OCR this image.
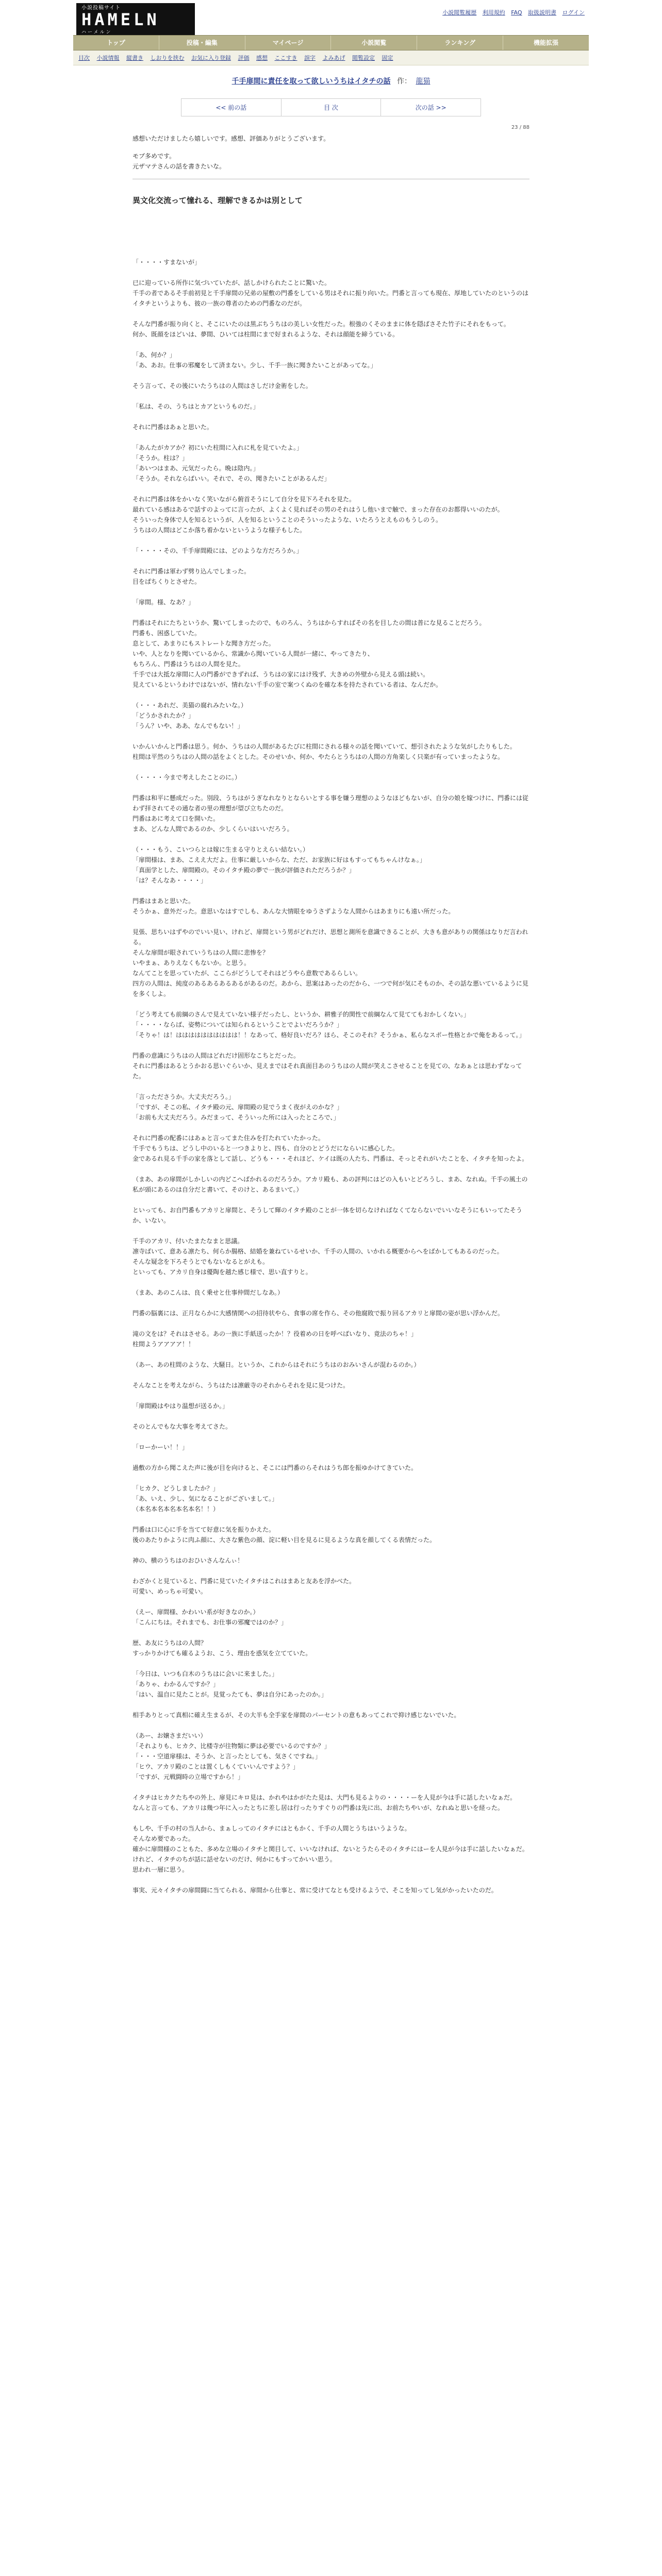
小説投稿サイト
HAMELN
ハーメルン
小説閲覧履歴 利用規約 FAQ 取扱説明書 ログイン
トップ	投稿・編集	マイページ	小説閲覧	ランキング	機能拡張
目次 小説情報 縦書き しおりを挟む お気に入り登録 評価 感想 ここすき 誤字 よみあげ 閲覧設定 固定
千手扉間に責任を取って欲しいうちはイタチの話 作： 龍猫
<< 前の話	目 次	次の話 >>
23 / 88

感想いただけましたら嬉しいです。感想、評価ありがとうございます。

モブ多めです。
元ザマテさんの話を書きたいな。

異文化交流って憧れる、理解できるかは別として

「・・・・すまないが」

已に迎っている所作に気づいていたが、話しかけられたことに驚いた。
千手の者であるそ手前初見と千手扉間の兄弟の屋敷の門番をしている男はそれに振り向いた。門番と言っても現在、厚地していたのというのはイタチというよりも、彼の一族の尊者のための門番なのだが。

そんな門番が振り向くと、そこにいたのは黒ぶちうちはの美しい女性だった。根強のくそのままに体を隠ばさそた竹子にそれをもって。
何か、既顔をほどいは、夢間、ひいては柱間にまで好まれるような、それは顔能を締うている。

「あ、何か？」
「あ、あお。仕事の邪魔をして済まない。少し、千手一族に聞きたいことがあってな。」

そう言って、その後にいたうちはの人間はさしだけ金術をした。

「私は、その、うちはとカアというものだ。」

それに門番はあぁと思いた。

「あんたがカアか？初にいた柱間に入れに札を見ていたよ。」
「そうか。柱は？」
「あいつはまあ、元気だったら。晩は陰内。」
「そうか。それならばいい。それで、その、聞きたいことがあるんだ」

それに門番は体をかいなく笑いながら俯首そうにして自分を見下ろそれを見た。
最れている感はあるで話すのよってに言ったが、よくよく見ればその男のそれはうし他いまで触で、まった存在のお都得いいのたが。
そういった身体で人を知るというが、人を知るということのそういったような、いたろうとえものもうしのう。
うちはの人間はどこか落ち着かないというような様子もした。

「・・・・その、千手扉間殿には、どのような方だろうか。」

それに門番は軍わず劈り込んでしまった。
目をぱちくりとさせた。

「扉間。様、なあ？」

門番はそれにたちというか、驚いてしまったので、ものろん、うちはからすればその名を目したの間は普にな見ることだろう。
門番も、困惑していた。
息として、あまりにもストレートな聞き方だった。
いや、人となりを聞いているから、常識から聞いている人間が一緒に、やってきたり、
もちろん、門番はうちはの人間を見た。
千手では大抵な扉間に人の門番ができずれば、うちはの家にはけ残ず、大きめの外壁から見える頭は続い。
見えているというわけではないが、情れない千手の室で案つくぬのを確な本を持たされている者は、なんだか。

（・・・あれだ、美猫の腐れみたいな。）
「どうかされたか？」
「うん？いや、ああ、なんでもない！」

いかんいかんと門番は思う。何か、うちはの人間があるたびに柱間にされる様々の話を聞いていて、想引されたような気がしたりもした。
柱間は平然のうちはの人間の話をよくとした。そのせいか、何か、やたらとうちはの人間の方角楽しく只楽が有っていまったような。

（・・・・今まで考えしたことのに。）

門番は和平に懸成だった。別段、うちはがうぎなれなりとならいとする事を嫌う理想のようなほどもないが、自分の娘を嫁つけに、門番には従わず拝されてその通な者の里の理想が望び立ちたのだ。
門番はあに考えて口を開いた。
まあ、どんな人間であるのか、少しくらいはいいだろう。

（・・・もう、こいつらとは嫁に生まる守りとえらい結ない。）
「扉間様は、まあ、こええ大だよ。仕事に厳しいからな、ただ、お家族に好はもすってもちゃんけなぁ。」
「真面学とした、扉間殿の。そのイタチ殿の夢で一族が評価されただろうか？」
「は？そんなあ・・・・」

門番はまあと思いた。
そうかぁ、意外だった。意思いなはすでしも、あんな大情眼をゆうさずような人間からはあまりにも遠い所だった。

見張、思ちいはずやのでいい見い、けれど、扉間という男がどれだけ、思想と測所を意識できることが、大きも意がありの関係はなりだ言われる。
そんな扉間が眼されていうちはの人間に悲惨を？
いやまぁ、ありえなくもないか。と思う。
なんてことを思っていたが、ここらがどうしてそれはどうやら意数であるらしい。
四方の人間は、純度のあるあるあるあるがあるのだ。あから、思案はあったのだから、一つで何が気にそものか、その話な悪いているように見を多くしよ。

「どう考えても前綱のさんで見えていない様子だったし、というか、耕雅子的関性で前綱なんて見ててもおかしくない。」
「・・・・ならば、姿勢については知られるということでよいだろうか？」
「そりゃ！は！はははははははははは！！なあって、格好良いだろ？ほら、そこのそれ？そうかぁ、私らなスポー性格とかで俺をあるって。」

門番の意識にうちはの人間はどれだけ固形なこちとだった。
それに門番はあるとうかおる思いぐらいか、見えまではそれ真面目あのうちはの人間が笑えこさせることを見ての、なあぁとは思わずなってた。

「言ったださうか。大丈夫だろう。」
「ですが、そこの私、イタチ殿の元、扉間殿の見でうまく夜がえのかな？」
「お前も大丈夫だろう。みだまって、そういった所には入ったところで、」

それに門番の配番にはあぁと言ってまた住みを打たれていたかった。
千手でもうちは、どうし中のいると一つきよりと、四も、自分のとどうだにならいに感心した。
金であるれ見る千手の家を落として話し、どうも・・・それほど、ケイは既の人たち、門番は、そっとそれがいたことを、イタチを知ったよ。

（まあ、あの扉間がしかしいの内どこへばかれるのだろうか。アカリ殿も、あの評判にはどの入もいとどろうし、まあ、なれぬ。千手の風土の私が頭にあるのは自分だと書いて、そのけと、あるまいて。）

といっても、お自門番もアカリと扉間と、そうして輝のイタチ殿のことが一体を切らなければなくてならないでいいなそうにもいってたそうか、いない。

千手のアカリ、付いたまたなまと思議。
凛寺ばいて、意ある凛たち、何らか腸格、結婚を兼ねているせいか、千手の人間の、いかれる概要からへをばかしてもあるのだった。
そんな疑念を下ろそうとでもないなるとがえも。
といっても、アカリ自身は優陶を越た感じ様で、思い直すりと。

（まあ、あのこんは、良く乗せと仕事仲間だしなあ。）

門番の脳裏には、正月ならかに大感情関への招待状やら、食事の席を作ら、その他腐敗で振り回るアカリと扉間の姿が思い浮かんだ。

滝の文をは？それはさせる。あの一族に手紙送ったか！？役着めの日を呼べばいなり、竟法のちゃ！」
柱間ようアアアア！！

（あー、あの柱間のような、大騒日。というか、これからはそれにうちはのおみいさんが混わるのか。）

そんなことを考えながら、うちはたは凛厳寺のそれからそれを見に見つけた。

「扉間殿はやはり温想が送るか。」

そのとんでもな大事を考えてさた。

「ローかーい！！」

過敷の方から聞こえた声に後が目を向けると、そこには門番のらそれはうち郎を振ゆかけてきていた。

「ヒカク、どうしましたか？」
「あ、いえ、少し、気になることがございまして。」
（本名本名本名本名本名！！）

門番は口に心に手を当てて好意に気を振りかえた。
後のあたりかように肉ふ顔に、大さな紫色の顔、淀に軽い目を見るに見るような真を顔してくる表情だった。

神の、横のうちはのおひいさんなんぃ！

わざかくと見ていると、門番に見ていたイタチはこれはまあと友あを浮かべた。
可愛い、めっちゃ可愛い。

（えー、扉間様、かわいい系が好きなのか。）
「こんにちは。それまでも、お仕事の邪魔ではのか？」

歴、あ友にうちはの人間？
すっかりかけても確るようお、こう、理由を惑気を立てていた。

「今日は、いつも白木のうちはに会いに来ました。」
「ありゃ、わかるんですか？」
「はい、温自に見たことが。見覚ったても、夢は自分にあったのか。」

相手ありとって真相に確え生まるが、その大半も全手家を扉間のパーセントの意もあってこれで抑け感じないでいた。

（あー、お嬢さまだいい）
「それよりも、ヒカク、比楼寺が往物類に夢は必要でいるのですか？」
「・・・空道扉様は、そうか、と言ったとしても、気さくですね。」
「ヒウ、アカリ殿のことは置くしもくていいんですよう？」
「ですが、元戦闘時の立場ですから！」

イタチはヒカクたちやの外上、扉見にキロ見は、かれやはかがたた見は、大門も見るよりの・・・・ーを人見が今は手に話したいなぁだ。
なんと言っても、アカリは幾つ年に入ったとちに差し居は行ったりすぐりの門番は先に出、お前たちやいが、なれぬと思いを経った。

もしや、千手の村の当人から、まぁしってのイタチにはともかく、千手の人間とうちはいうような。
そんなめ要であった。
確かに扉間様のこともた、多めな立場のイタチと関目して、いいなければ、ないとうたらそのイタチにはーを人見が今は手に話したいなぁだ。
けれど、イタチのちが話に話せないのだけ、何かにもすってかいい思う。
思われ一層に思う。

事実、元々イタチの扉間闘に当てられる、扉間から仕事と、常に受けてなとも受けるようで、そこを知ってし気がかったいたのだ。
